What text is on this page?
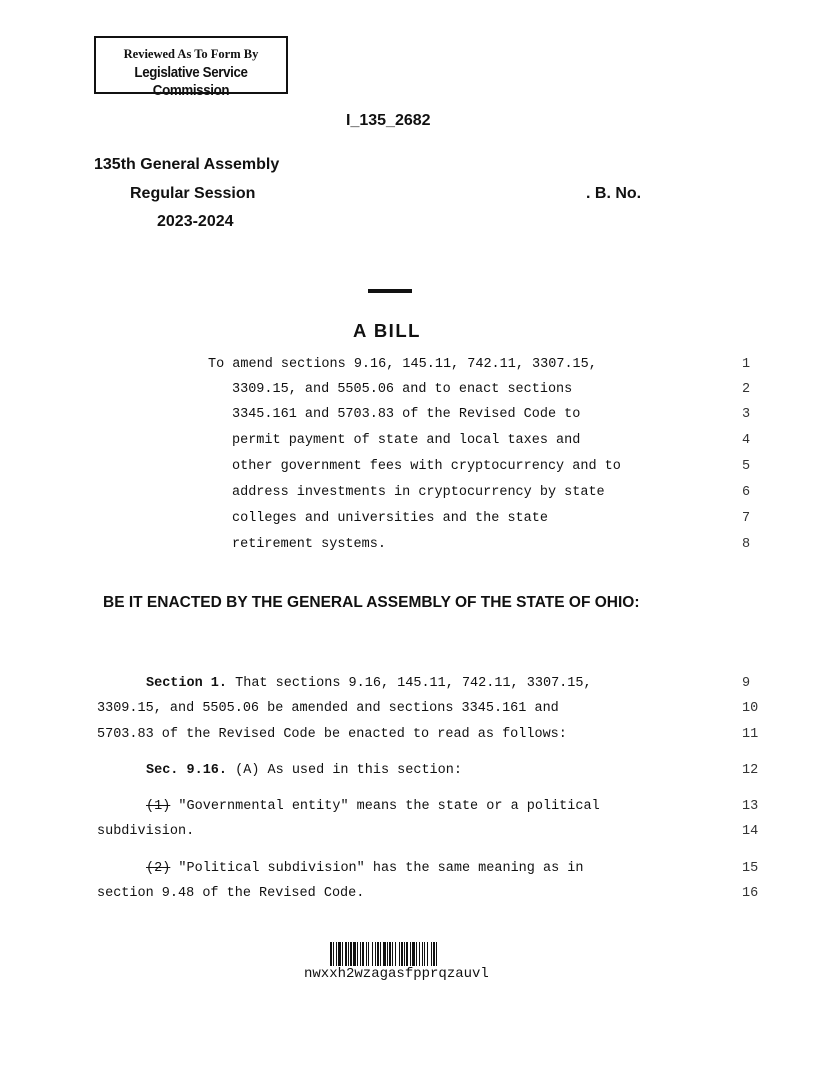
Reviewed As To Form By
Legislative Service Commission
I_135_2682
135th General Assembly
Regular Session
2023-2024
. B. No.
A BILL
To amend sections 9.16, 145.11, 742.11, 3307.15,	1
3309.15, and 5505.06 and to enact sections	2
3345.161 and 5703.83 of the Revised Code to	3
permit payment of state and local taxes and	4
other government fees with cryptocurrency and to	5
address investments in cryptocurrency by state	6
colleges and universities and the state	7
retirement systems.	8
BE IT ENACTED BY THE GENERAL ASSEMBLY OF THE STATE OF OHIO:
Section 1. That sections 9.16, 145.11, 742.11, 3307.15,	9
3309.15, and 5505.06 be amended and sections 3345.161 and	10
5703.83 of the Revised Code be enacted to read as follows:	11
Sec. 9.16. (A) As used in this section:	12
(1) "Governmental entity" means the state or a political	13
subdivision.	14
(2) "Political subdivision" has the same meaning as in	15
section 9.48 of the Revised Code.	16
nwxxh2wzagasfpprqzauvl
